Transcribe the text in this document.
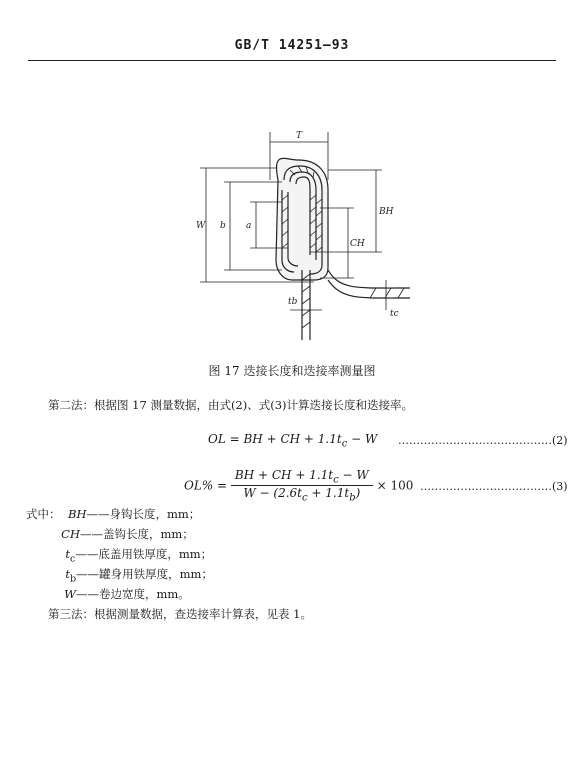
GB/T 14251—93
T
W b a
BH
CH
tb
tc
图 17 迭接长度和迭接率测量图
第二法：根据图 17 测量数据，由式(2)、式(3)计算迭接长度和迭接率。
OL = BH + CH + $1.1t_c - W$ ……………………………………(2)
$OL\% = \frac{BH + CH + 1.1t_c - W}{W - (2.6t_c + 1.1t_b)} \times 100$ ………………………………(3)
式中： BH——身钩长度，mm；
CH——盖钩长度，mm；
$t_c——$底盖用铁厚度，mm；
$t_b——$罐身用铁厚度，mm；
W——卷边宽度，mm。
第三法：根据测量数据，查迭接率计算表，见表 1。
